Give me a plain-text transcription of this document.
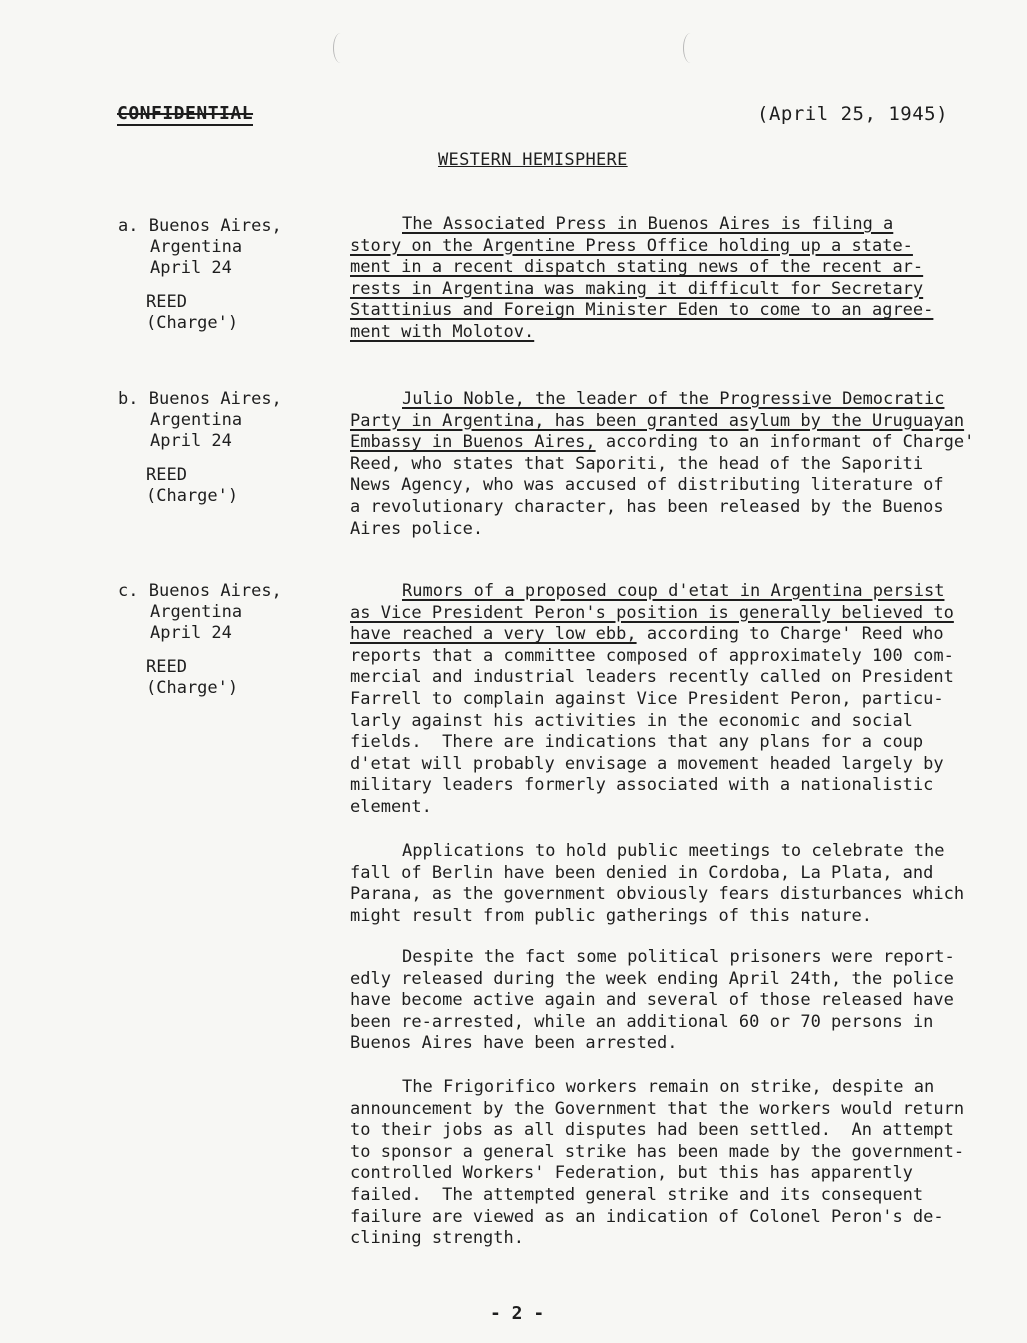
CONFIDENTIAL	(April 25, 1945)
WESTERN HEMISPHERE
a. Buenos Aires,
Argentina
April 24
REED
(Charge')
The Associated Press in Buenos Aires is filing a
story on the Argentine Press Office holding up a state-
ment in a recent dispatch stating news of the recent ar-
rests in Argentina was making it difficult for Secretary
Stattinius and Foreign Minister Eden to come to an agree-
ment with Molotov.
b. Buenos Aires,
Argentina
April 24
REED
(Charge')
Julio Noble, the leader of the Progressive Democratic
Party in Argentina, has been granted asylum by the Uruguayan
Embassy in Buenos Aires, according to an informant of Charge'
Reed, who states that Saporiti, the head of the Saporiti
News Agency, who was accused of distributing literature of
a revolutionary character, has been released by the Buenos
Aires police.
c. Buenos Aires,
Argentina
April 24
REED
(Charge')
Rumors of a proposed coup d'etat in Argentina persist
as Vice President Peron's position is generally believed to
have reached a very low ebb, according to Charge' Reed who
reports that a committee composed of approximately 100 com-
mercial and industrial leaders recently called on President
Farrell to complain against Vice President Peron, particu-
larly against his activities in the economic and social
fields.  There are indications that any plans for a coup
d'etat will probably envisage a movement headed largely by
military leaders formerly associated with a nationalistic
element.
Applications to hold public meetings to celebrate the
fall of Berlin have been denied in Cordoba, La Plata, and
Parana, as the government obviously fears disturbances which
might result from public gatherings of this nature.
Despite the fact some political prisoners were report-
edly released during the week ending April 24th, the police
have become active again and several of those released have
been re-arrested, while an additional 60 or 70 persons in
Buenos Aires have been arrested.
The Frigorifico workers remain on strike, despite an
announcement by the Government that the workers would return
to their jobs as all disputes had been settled.  An attempt
to sponsor a general strike has been made by the government-
controlled Workers' Federation, but this has apparently
failed.  The attempted general strike and its consequent
failure are viewed as an indication of Colonel Peron's de-
clining strength.
- 2 -
